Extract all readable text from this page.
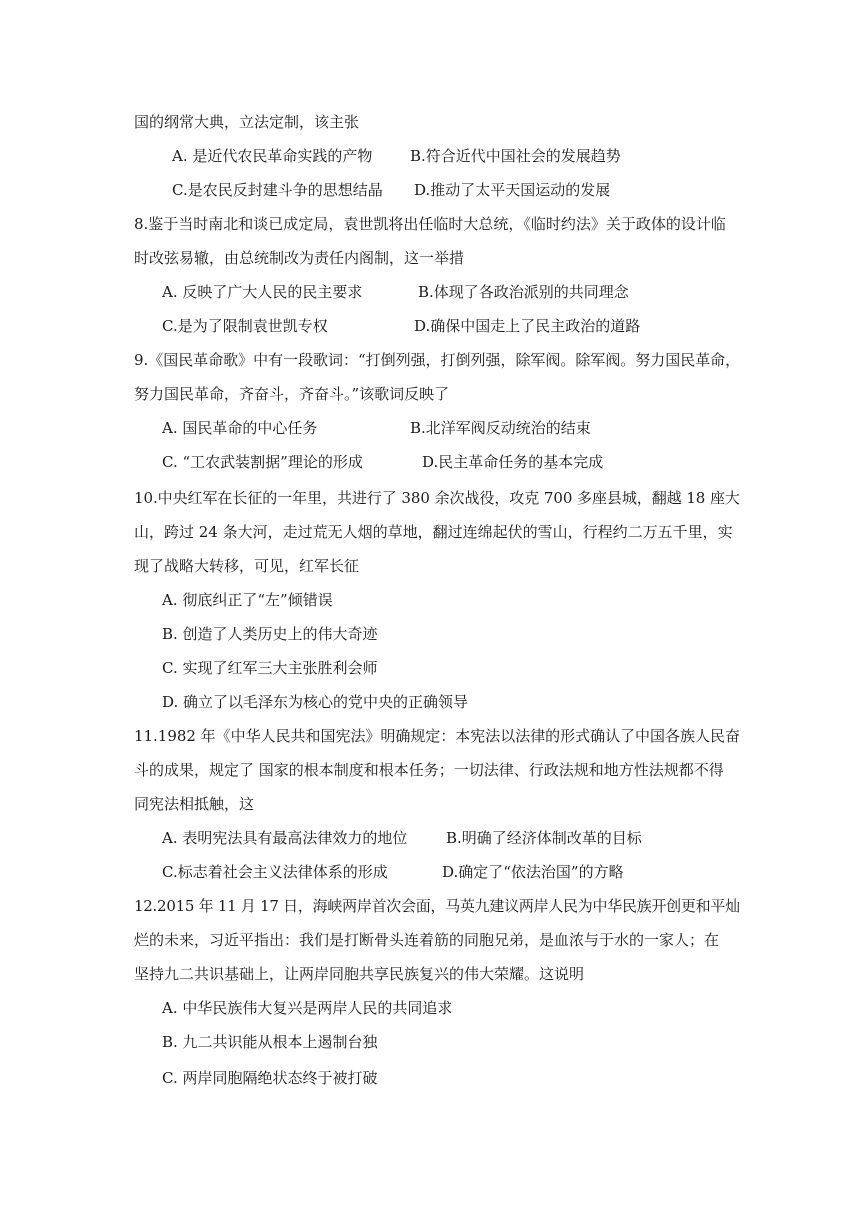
国的纲常大典，立法定制，该主张
A. 是近代农民革命实践的产物	B.符合近代中国社会的发展趋势
C.是农民反封建斗争的思想结晶 D.推动了太平天国运动的发展
8.鉴于当时南北和谈已成定局，袁世凯将出任临时大总统，《临时约法》关于政体的设计临
时改弦易辙，由总统制改为责任内阁制，这一举措
A. 反映了广大人民的民主要求	B.体现了各政治派别的共同理念
C.是为了限制袁世凯专权	D.确保中国走上了民主政治的道路
9.《国民革命歌》中有一段歌词：“打倒列强，打倒列强，除军阀。除军阀。努力国民革命，
努力国民革命，齐奋斗，齐奋斗。”该歌词反映了
A. 国民革命的中心任务	B.北洋军阀反动统治的结束
C. “工农武装割据”理论的形成	D.民主革命任务的基本完成
10.中央红军在长征的一年里，共进行了 380 余次战役，攻克 700 多座县城，翻越 18 座大
山，跨过 24 条大河，走过荒无人烟的草地，翻过连绵起伏的雪山，行程约二万五千里，实
现了战略大转移，可见，红军长征
A. 彻底纠正了“左”倾错误
B. 创造了人类历史上的伟大奇迹
C. 实现了红军三大主张胜利会师
D. 确立了以毛泽东为核心的党中央的正确领导
11.1982 年《中华人民共和国宪法》明确规定：本宪法以法律的形式确认了中国各族人民奋
斗的成果，规定了 国家的根本制度和根本任务；一切法律、行政法规和地方性法规都不得
同宪法相抵触，这
A. 表明宪法具有最高法律效力的地位	B.明确了经济体制改革的目标
C.标志着社会主义法律体系的形成	D.确定了“依法治国”的方略
12.2015 年 11 月 17 日，海峡两岸首次会面，马英九建议两岸人民为中华民族开创更和平灿
烂的未来，习近平指出：我们是打断骨头连着筋的同胞兄弟，是血浓与于水的一家人；在
坚持九二共识基础上，让两岸同胞共享民族复兴的伟大荣耀。这说明
A. 中华民族伟大复兴是两岸人民的共同追求
B. 九二共识能从根本上遏制台独
C. 两岸同胞隔绝状态终于被打破
